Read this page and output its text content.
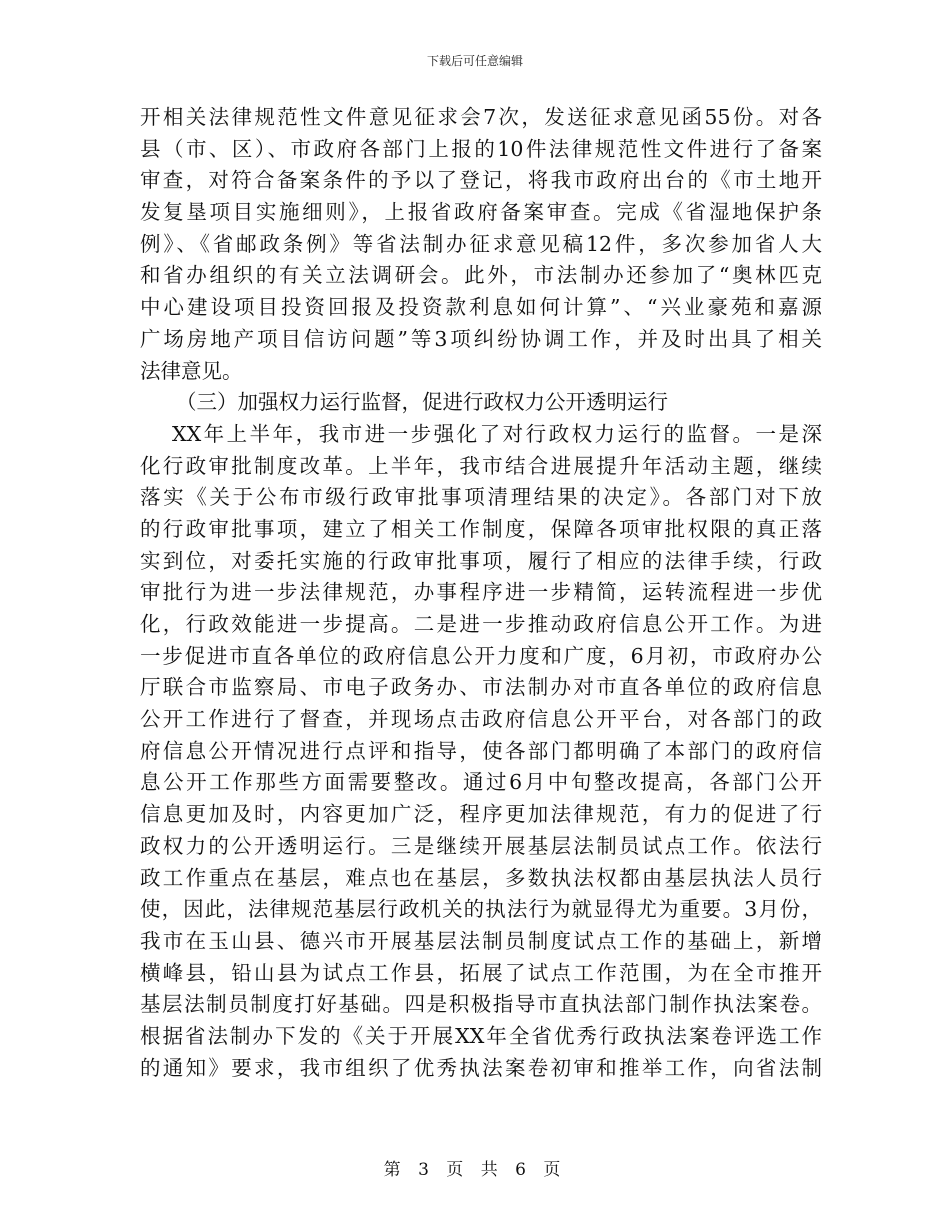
下载后可任意编辑
开相关法律规范性文件意见征求会7次，发送征求意见函55份。对各
县（市、区）、市政府各部门上报的10件法律规范性文件进行了备案
审查，对符合备案条件的予以了登记，将我市政府出台的《市土地开
发复垦项目实施细则》，上报省政府备案审查。完成《省湿地保护条
例》、《省邮政条例》等省法制办征求意见稿12件，多次参加省人大
和省办组织的有关立法调研会。此外，市法制办还参加了“奥林匹克
中心建设项目投资回报及投资款利息如何计算”、“兴业豪苑和嘉源
广场房地产项目信访问题”等3项纠纷协调工作，并及时出具了相关
法律意见。
（三）加强权力运行监督，促进行政权力公开透明运行
XX年上半年，我市进一步强化了对行政权力运行的监督。一是深
化行政审批制度改革。上半年，我市结合进展提升年活动主题，继续
落实《关于公布市级行政审批事项清理结果的决定》。各部门对下放
的行政审批事项，建立了相关工作制度，保障各项审批权限的真正落
实到位，对委托实施的行政审批事项，履行了相应的法律手续，行政
审批行为进一步法律规范，办事程序进一步精简，运转流程进一步优
化，行政效能进一步提高。二是进一步推动政府信息公开工作。为进
一步促进市直各单位的政府信息公开力度和广度，6月初，市政府办公
厅联合市监察局、市电子政务办、市法制办对市直各单位的政府信息
公开工作进行了督查，并现场点击政府信息公开平台，对各部门的政
府信息公开情况进行点评和指导，使各部门都明确了本部门的政府信
息公开工作那些方面需要整改。通过6月中旬整改提高，各部门公开
信息更加及时，内容更加广泛，程序更加法律规范，有力的促进了行
政权力的公开透明运行。三是继续开展基层法制员试点工作。依法行
政工作重点在基层，难点也在基层，多数执法权都由基层执法人员行
使，因此，法律规范基层行政机关的执法行为就显得尤为重要。3月份，
我市在玉山县、德兴市开展基层法制员制度试点工作的基础上，新增
横峰县，铅山县为试点工作县，拓展了试点工作范围，为在全市推开
基层法制员制度打好基础。四是积极指导市直执法部门制作执法案卷。
根据省法制办下发的《关于开展XX年全省优秀行政执法案卷评选工作
的通知》要求，我市组织了优秀执法案卷初审和推举工作，向省法制
第 3 页 共 6 页
